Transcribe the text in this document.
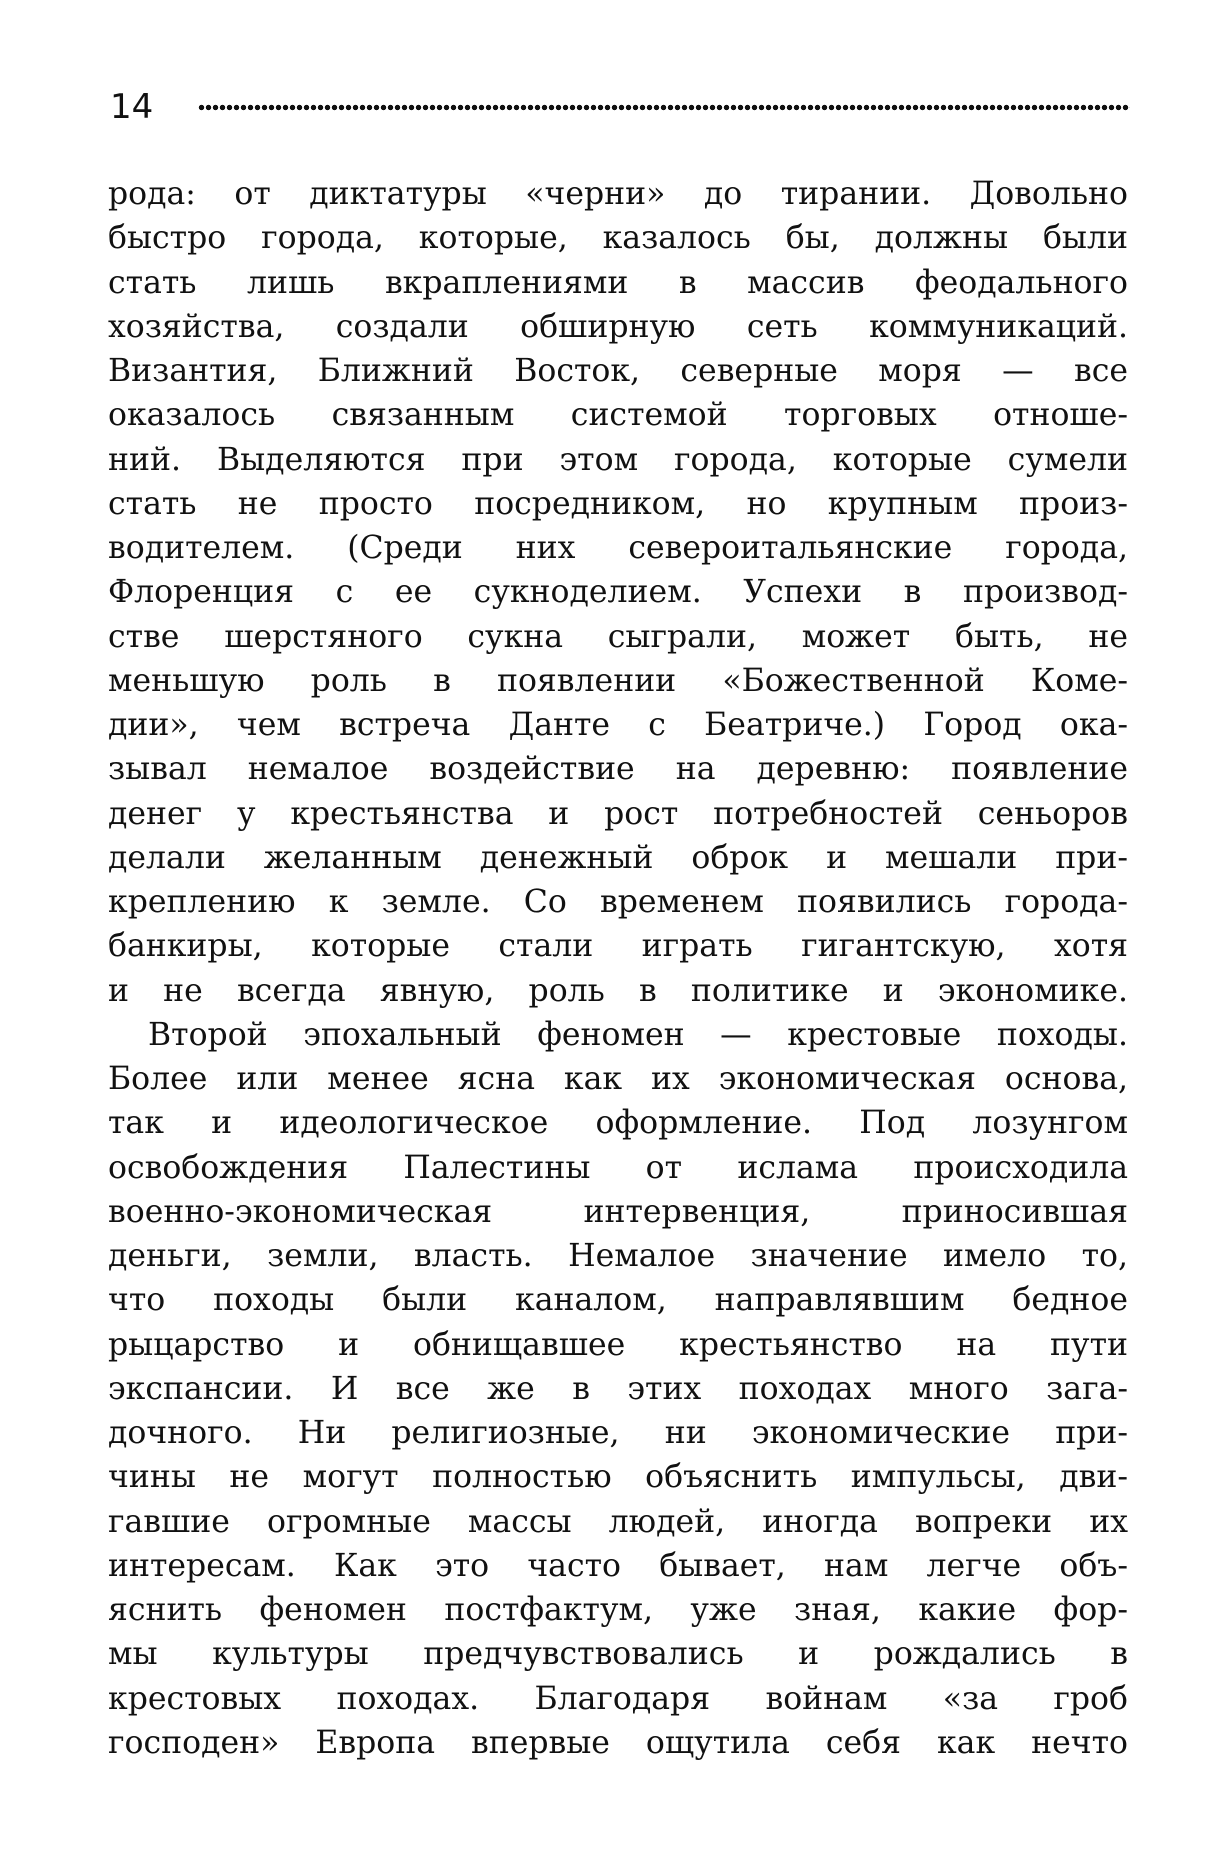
14
рода: от диктатуры «черни» до тирании. Довольно
быстро города, которые, казалось бы, должны были
стать лишь вкраплениями в массив феодального
хозяйства, создали обширную сеть коммуникаций.
Византия, Ближний Восток, северные моря — все
оказалось связанным системой торговых отноше-
ний. Выделяются при этом города, которые сумели
стать не просто посредником, но крупным произ-
водителем. (Среди них североитальянские города,
Флоренция с ее сукноделием. Успехи в производ-
стве шерстяного сукна сыграли, может быть, не
меньшую роль в появлении «Божественной Коме-
дии», чем встреча Данте с Беатриче.) Город ока-
зывал немалое воздействие на деревню: появление
денег у крестьянства и рост потребностей сеньоров
делали желанным денежный оброк и мешали при-
креплению к земле. Со временем появились города-
банкиры, которые стали играть гигантскую, хотя
и не всегда явную, роль в политике и экономике.
Второй эпохальный феномен — крестовые походы.
Более или менее ясна как их экономическая основа,
так и идеологическое оформление. Под лозунгом
освобождения Палестины от ислама происходила
военно-экономическая интервенция, приносившая
деньги, земли, власть. Немалое значение имело то,
что походы были каналом, направлявшим бедное
рыцарство и обнищавшее крестьянство на пути
экспансии. И все же в этих походах много зага-
дочного. Ни религиозные, ни экономические при-
чины не могут полностью объяснить импульсы, дви-
гавшие огромные массы людей, иногда вопреки их
интересам. Как это часто бывает, нам легче объ-
яснить феномен постфактум, уже зная, какие фор-
мы культуры предчувствовались и рождались в
крестовых походах. Благодаря войнам «за гроб
господен» Европа впервые ощутила себя как нечто
